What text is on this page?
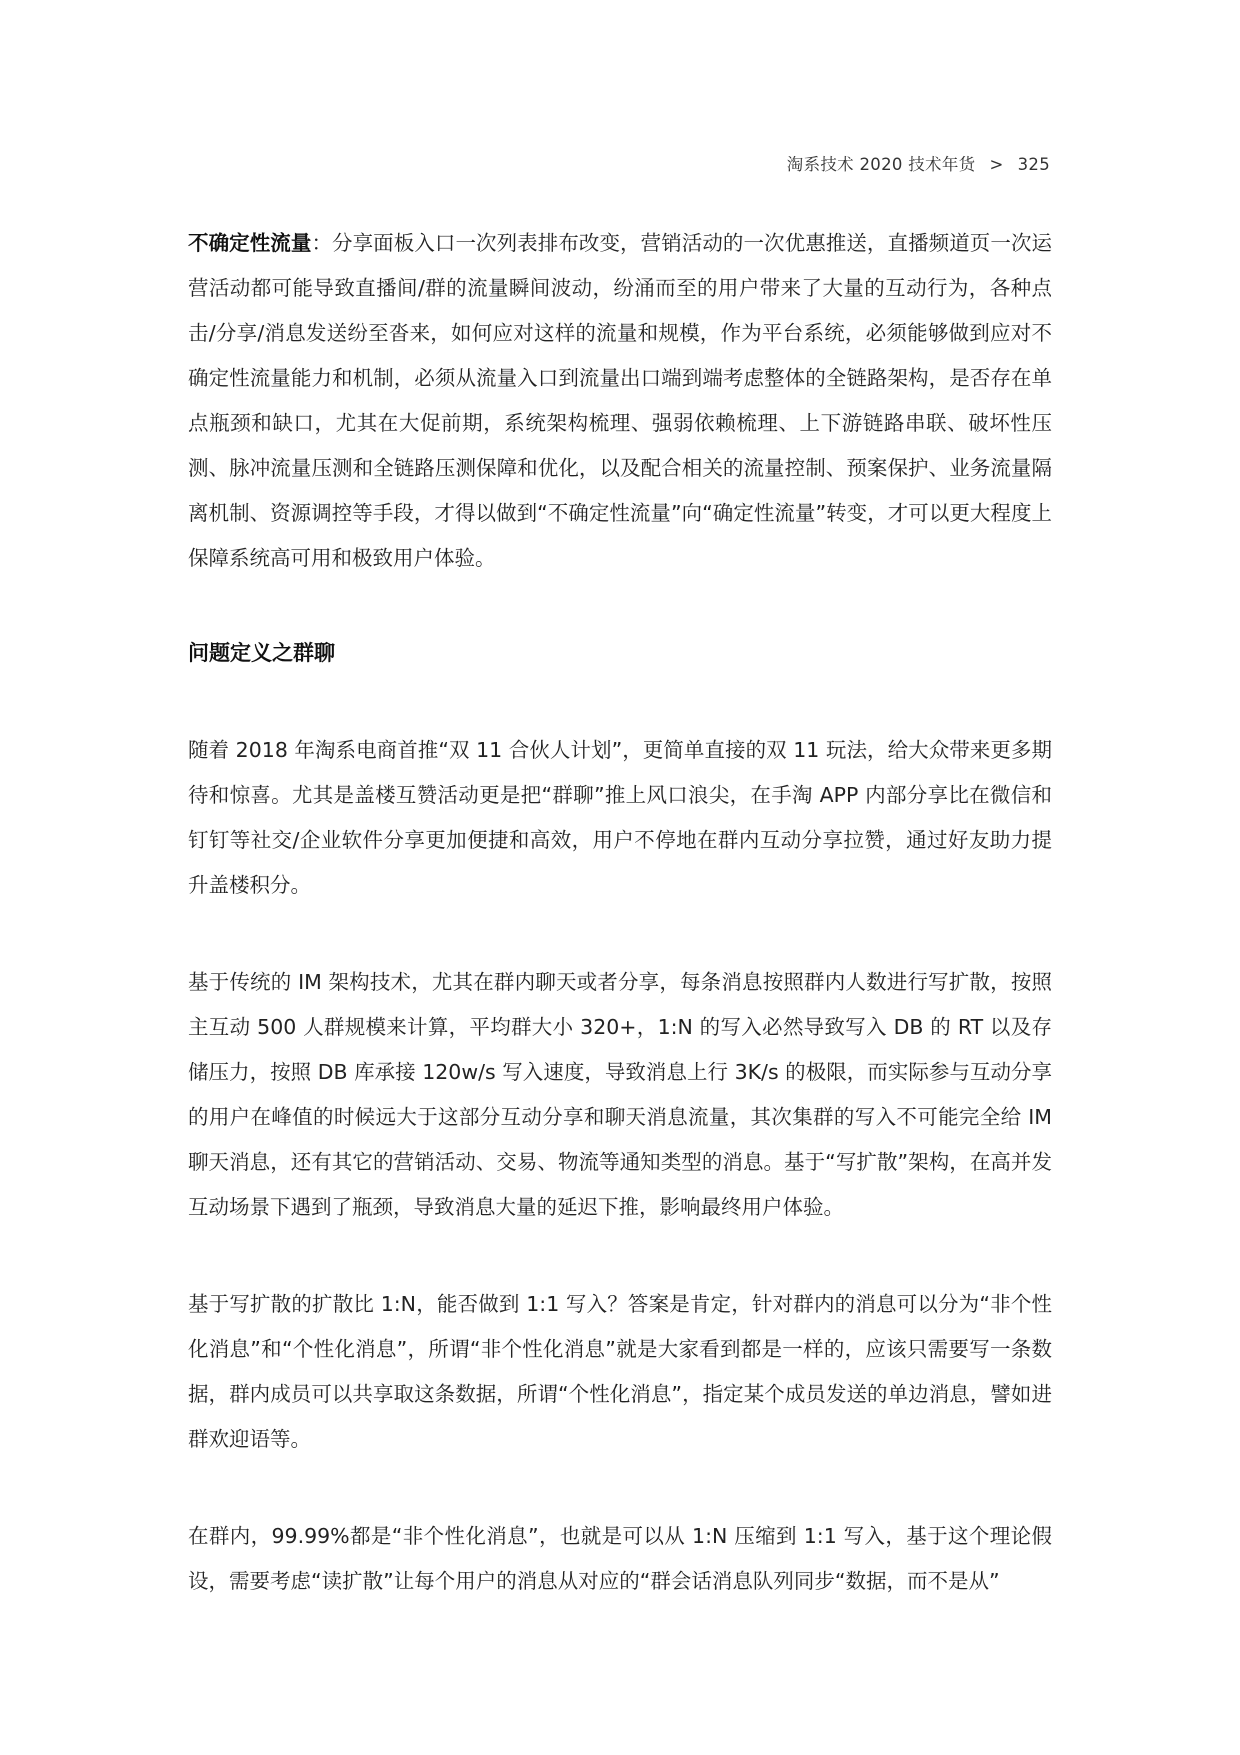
淘系技术 2020 技术年货 > 325

不确定性流量：分享面板入口一次列表排布改变，营销活动的一次优惠推送，直播频道页一次运营活动都可能导致直播间/群的流量瞬间波动，纷涌而至的用户带来了大量的互动行为，各种点击/分享/消息发送纷至沓来，如何应对这样的流量和规模，作为平台系统，必须能够做到应对不确定性流量能力和机制，必须从流量入口到流量出口端到端考虑整体的全链路架构，是否存在单点瓶颈和缺口，尤其在大促前期，系统架构梳理、强弱依赖梳理、上下游链路串联、破坏性压测、脉冲流量压测和全链路压测保障和优化，以及配合相关的流量控制、预案保护、业务流量隔离机制、资源调控等手段，才得以做到“不确定性流量”向“确定性流量”转变，才可以更大程度上保障系统高可用和极致用户体验。

问题定义之群聊

随着 2018 年淘系电商首推“双 11 合伙人计划”，更简单直接的双 11 玩法，给大众带来更多期待和惊喜。尤其是盖楼互赞活动更是把“群聊”推上风口浪尖，在手淘 APP 内部分享比在微信和钉钉等社交/企业软件分享更加便捷和高效，用户不停地在群内互动分享拉赞，通过好友助力提升盖楼积分。

基于传统的 IM 架构技术，尤其在群内聊天或者分享，每条消息按照群内人数进行写扩散，按照主互动 500 人群规模来计算，平均群大小 320+，1:N 的写入必然导致写入 DB 的 RT 以及存储压力，按照 DB 库承接 120w/s 写入速度，导致消息上行 3K/s 的极限，而实际参与互动分享的用户在峰值的时候远大于这部分互动分享和聊天消息流量，其次集群的写入不可能完全给 IM 聊天消息，还有其它的营销活动、交易、物流等通知类型的消息。基于“写扩散”架构，在高并发互动场景下遇到了瓶颈，导致消息大量的延迟下推，影响最终用户体验。

基于写扩散的扩散比 1:N，能否做到 1:1 写入？答案是肯定，针对群内的消息可以分为“非个性化消息”和“个性化消息”，所谓“非个性化消息”就是大家看到都是一样的，应该只需要写一条数据，群内成员可以共享取这条数据，所谓“个性化消息”，指定某个成员发送的单边消息，譬如进群欢迎语等。

在群内，99.99%都是“非个性化消息”，也就是可以从 1:N 压缩到 1:1 写入，基于这个理论假设，需要考虑“读扩散”让每个用户的消息从对应的“群会话消息队列同步“数据，而不是从”
